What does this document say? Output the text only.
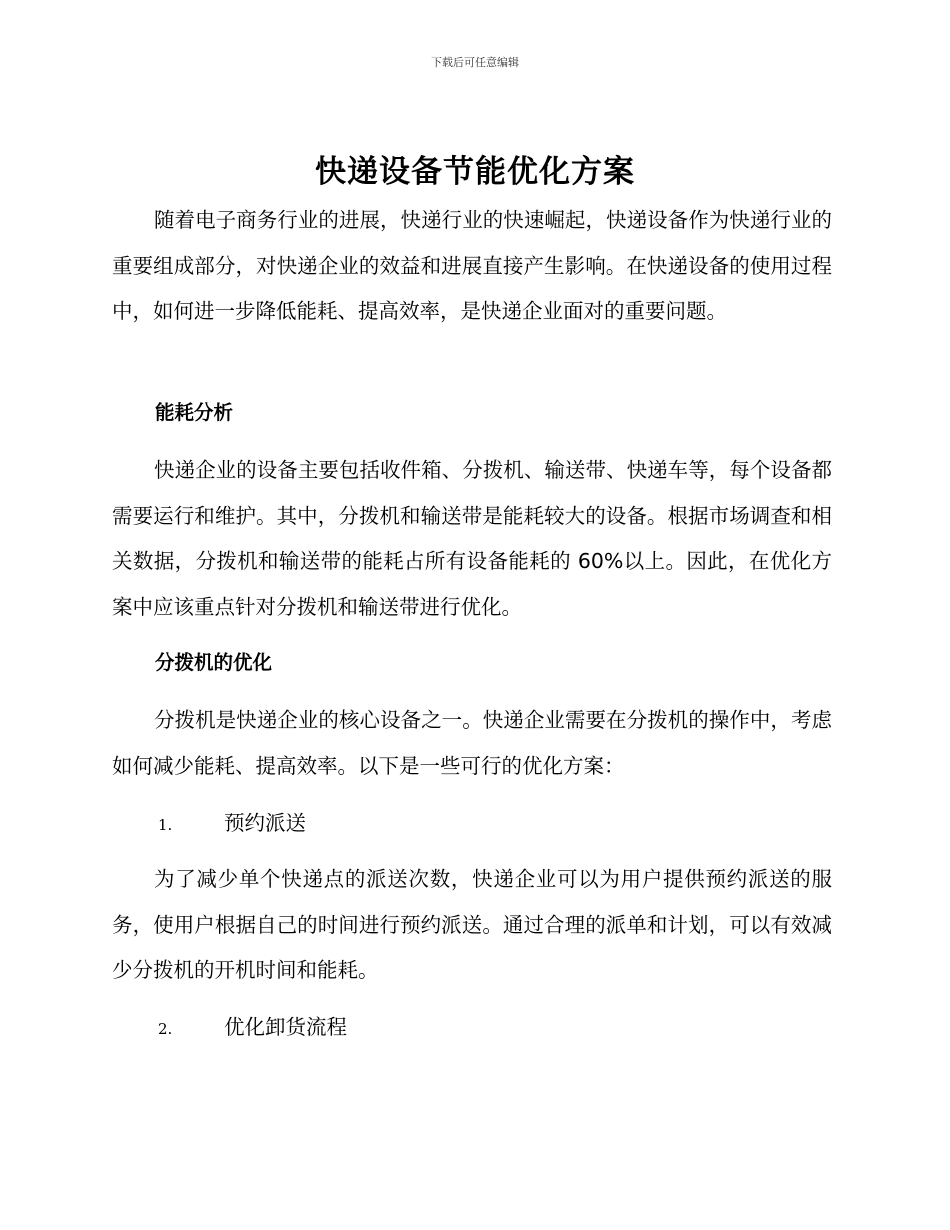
下载后可任意编辑
快递设备节能优化方案

随着电子商务行业的进展，快递行业的快速崛起，快递设备作为快递行业的重要组成部分，对快递企业的效益和进展直接产生影响。在快递设备的使用过程中，如何进一步降低能耗、提高效率，是快递企业面对的重要问题。

能耗分析

快递企业的设备主要包括收件箱、分拨机、输送带、快递车等，每个设备都需要运行和维护。其中，分拨机和输送带是能耗较大的设备。根据市场调查和相关数据，分拨机和输送带的能耗占所有设备能耗的 60%以上。因此，在优化方案中应该重点针对分拨机和输送带进行优化。

分拨机的优化

分拨机是快递企业的核心设备之一。快递企业需要在分拨机的操作中，考虑如何减少能耗、提高效率。以下是一些可行的优化方案：

1.	预约派送

为了减少单个快递点的派送次数，快递企业可以为用户提供预约派送的服务，使用户根据自己的时间进行预约派送。通过合理的派单和计划，可以有效减少分拨机的开机时间和能耗。

2.	优化卸货流程
